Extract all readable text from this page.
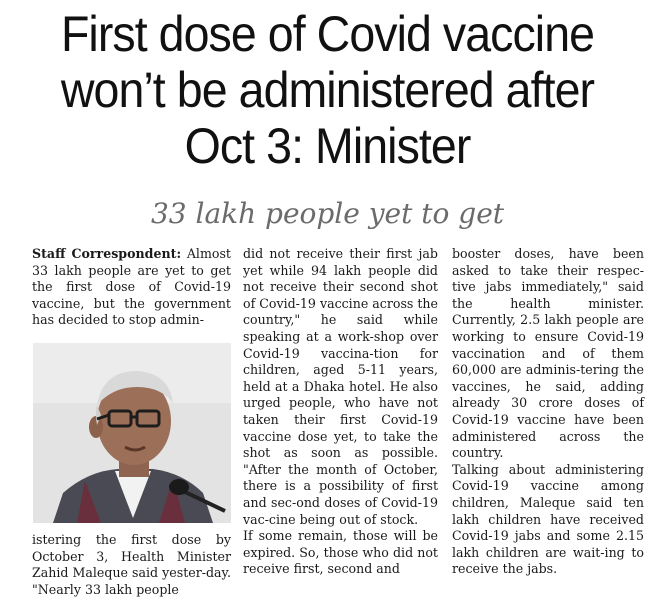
First dose of Covid vaccine
won’t be administered after
Oct 3: Minister
33 lakh people yet to get

Staff Correspondent: Almost 33 lakh people are yet to get the first dose of Covid-19 vaccine, but the government has decided to stop admin-

istering the first dose by October 3, Health Minister Zahid Maleque said yester-day. "Nearly 33 lakh people

did not receive their first jab yet while 94 lakh people did not receive their second shot of Covid-19 vaccine across the country," he said while speaking at a work-shop over Covid-19 vaccina-tion for children, aged 5-11 years, held at a Dhaka hotel. He also urged people, who have not taken their first Covid-19 vaccine dose yet, to take the shot as soon as possible. "After the month of October, there is a possibility of first and sec-ond doses of Covid-19 vac-cine being out of stock.

If some remain, those will be expired. So, those who did not receive first, second and

booster doses, have been asked to take their respec-tive jabs immediately," said the health minister. Currently, 2.5 lakh people are working to ensure Covid-19 vaccination and of them 60,000 are adminis-tering the vaccines, he said, adding already 30 crore doses of Covid-19 vaccine have been administered across the country.

Talking about administering Covid-19 vaccine among children, Maleque said ten lakh children have received Covid-19 jabs and some 2.15 lakh children are wait-ing to receive the jabs.
